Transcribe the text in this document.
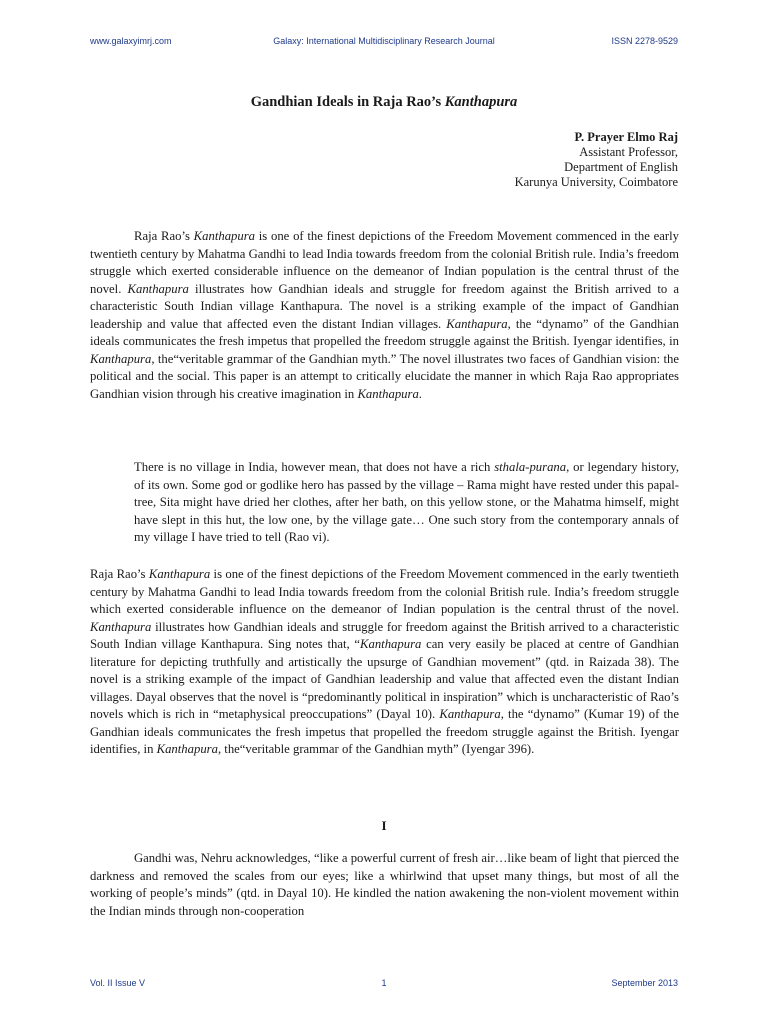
www.galaxyimrj.com	Galaxy: International Multidisciplinary Research Journal	ISSN 2278-9529
Gandhian Ideals in Raja Rao’s Kanthapura
P. Prayer Elmo Raj
Assistant Professor,
Department of English
Karunya University, Coimbatore

Raja Rao’s Kanthapura is one of the finest depictions of the Freedom Movement commenced in the early twentieth century by Mahatma Gandhi to lead India towards freedom from the colonial British rule. India’s freedom struggle which exerted considerable influence on the demeanor of Indian population is the central thrust of the novel. Kanthapura illustrates how Gandhian ideals and struggle for freedom against the British arrived to a characteristic South Indian village Kanthapura. The novel is a striking example of the impact of Gandhian leadership and value that affected even the distant Indian villages. Kanthapura, the “dynamo” of the Gandhian ideals communicates the fresh impetus that propelled the freedom struggle against the British. Iyengar identifies, in Kanthapura, the“veritable grammar of the Gandhian myth.” The novel illustrates two faces of Gandhian vision: the political and the social. This paper is an attempt to critically elucidate the manner in which Raja Rao appropriates Gandhian vision through his creative imagination in Kanthapura.

There is no village in India, however mean, that does not have a rich sthala-purana, or legendary history, of its own. Some god or godlike hero has passed by the village – Rama might have rested under this papal-tree, Sita might have dried her clothes, after her bath, on this yellow stone, or the Mahatma himself, might have slept in this hut, the low one, by the village gate… One such story from the contemporary annals of my village I have tried to tell (Rao vi).

Raja Rao’s Kanthapura is one of the finest depictions of the Freedom Movement commenced in the early twentieth century by Mahatma Gandhi to lead India towards freedom from the colonial British rule. India’s freedom struggle which exerted considerable influence on the demeanor of Indian population is the central thrust of the novel. Kanthapura illustrates how Gandhian ideals and struggle for freedom against the British arrived to a characteristic South Indian village Kanthapura. Sing notes that, “Kanthapura can very easily be placed at centre of Gandhian literature for depicting truthfully and artistically the upsurge of Gandhian movement” (qtd. in Raizada 38). The novel is a striking example of the impact of Gandhian leadership and value that affected even the distant Indian villages. Dayal observes that the novel is “predominantly political in inspiration” which is uncharacteristic of Rao’s novels which is rich in “metaphysical preoccupations” (Dayal 10). Kanthapura, the “dynamo” (Kumar 19) of the Gandhian ideals communicates the fresh impetus that propelled the freedom struggle against the British. Iyengar identifies, in Kanthapura, the“veritable grammar of the Gandhian myth” (Iyengar 396).

I

Gandhi was, Nehru acknowledges, “like a powerful current of fresh air…like beam of light that pierced the darkness and removed the scales from our eyes; like a whirlwind that upset many things, but most of all the working of people’s minds” (qtd. in Dayal 10). He kindled the nation awakening the non-violent movement within the Indian minds through non-cooperation

Vol. II Issue V	1	September 2013
